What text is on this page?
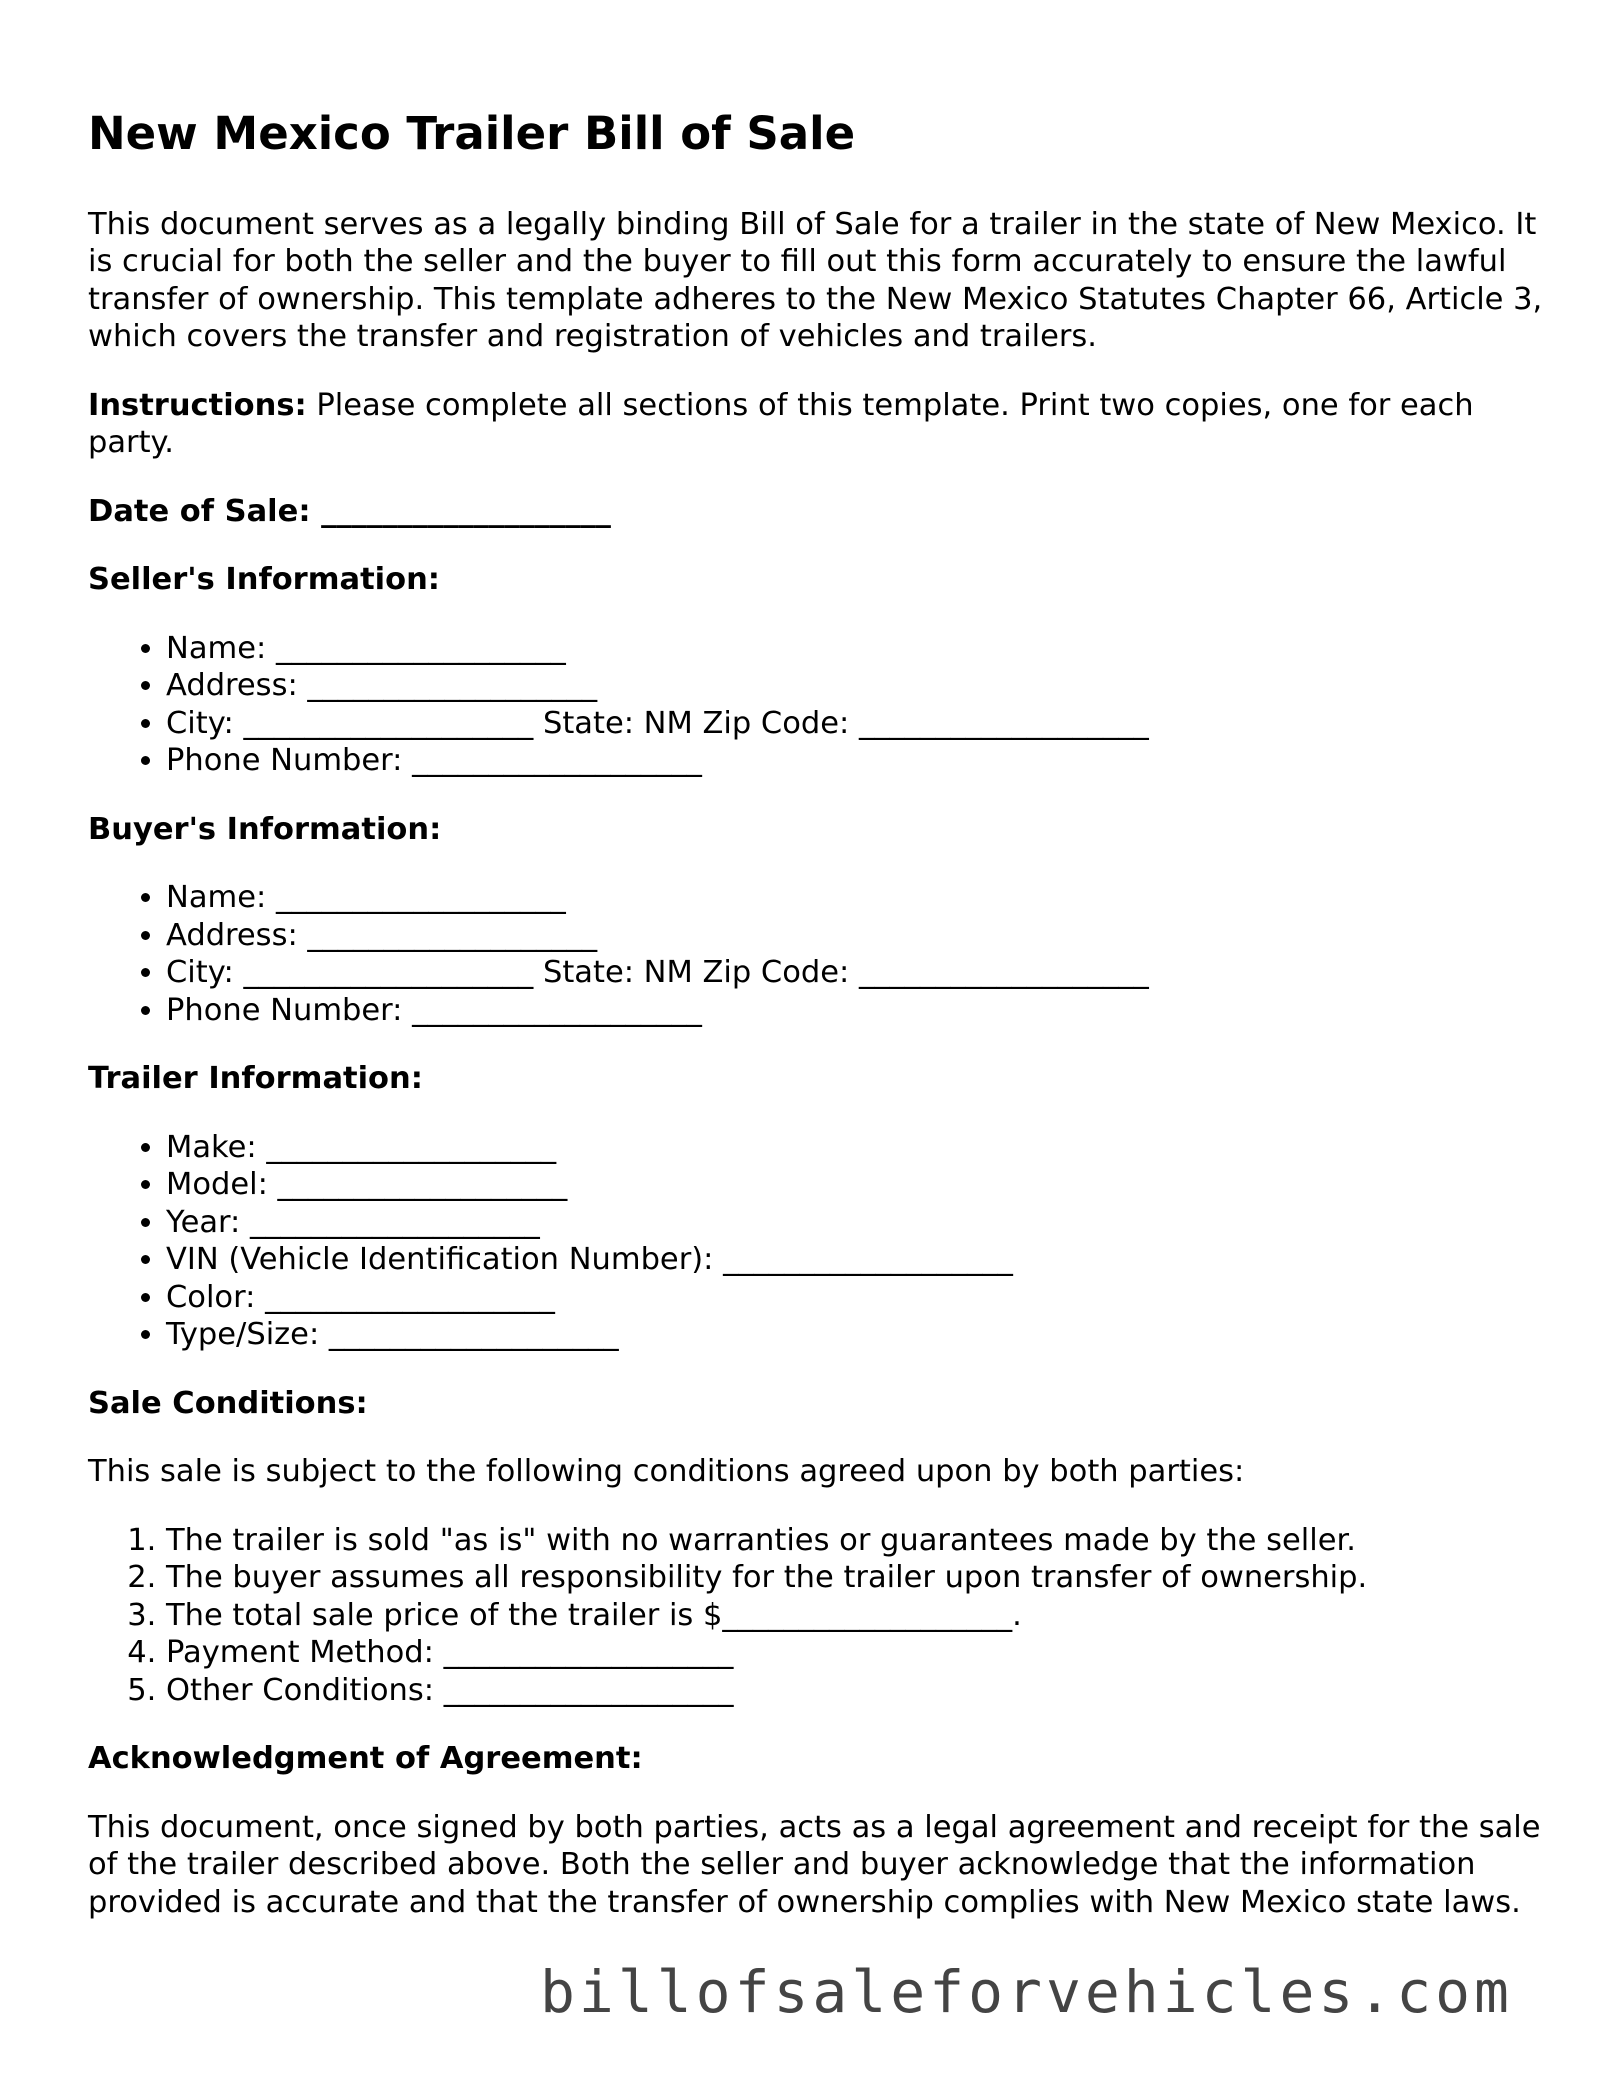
New Mexico Trailer Bill of Sale

This document serves as a legally binding Bill of Sale for a trailer in the state of New Mexico. It is crucial for both the seller and the buyer to fill out this form accurately to ensure the lawful transfer of ownership. This template adheres to the New Mexico Statutes Chapter 66, Article 3, which covers the transfer and registration of vehicles and trailers.

Instructions: Please complete all sections of this template. Print two copies, one for each party.

Date of Sale: ___________________
Seller's Information:
• Name: ___________________
• Address: ___________________
• City: ___________________ State: NM Zip Code: ___________________
• Phone Number: ___________________
Buyer's Information:
• Name: ___________________
• Address: ___________________
• City: ___________________ State: NM Zip Code: ___________________
• Phone Number: ___________________
Trailer Information:
• Make: ___________________
• Model: ___________________
• Year: ___________________
• VIN (Vehicle Identification Number): ___________________
• Color: ___________________
• Type/Size: ___________________
Sale Conditions:

This sale is subject to the following conditions agreed upon by both parties:

1. The trailer is sold "as is" with no warranties or guarantees made by the seller.
2. The buyer assumes all responsibility for the trailer upon transfer of ownership.
3. The total sale price of the trailer is $___________________.
4. Payment Method: ___________________
5. Other Conditions: ___________________
Acknowledgment of Agreement:

This document, once signed by both parties, acts as a legal agreement and receipt for the sale of the trailer described above. Both the seller and buyer acknowledge that the information provided is accurate and that the transfer of ownership complies with New Mexico state laws.

billofsaleforvehicles.com
